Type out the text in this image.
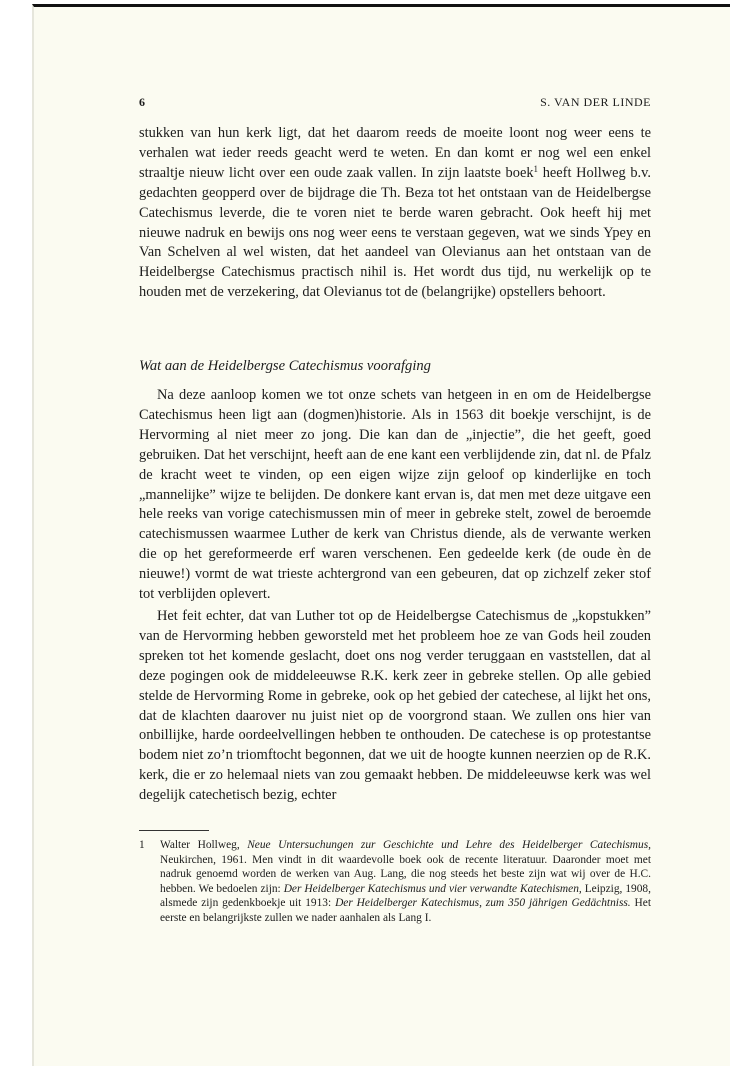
6	S. VAN DER LINDE

stukken van hun kerk ligt, dat het daarom reeds de moeite loont nog weer eens te verhalen wat ieder reeds geacht werd te weten. En dan komt er nog wel een enkel straaltje nieuw licht over een oude zaak vallen. In zijn laatste boek$^1$ heeft Hollweg b.v. gedachten geopperd over de bijdrage die Th. Beza tot het ontstaan van de Heidelbergse Catechismus leverde, die te voren niet te berde waren gebracht. Ook heeft hij met nieuwe nadruk en bewijs ons nog weer eens te verstaan gegeven, wat we sinds Ypey en Van Schelven al wel wisten, dat het aandeel van Olevianus aan het ontstaan van de Heidelbergse Catechismus practisch nihil is. Het wordt dus tijd, nu werkelijk op te houden met de verzekering, dat Olevianus tot de (belangrijke) opstellers behoort.

Wat aan de Heidelbergse Catechismus voorafging

Na deze aanloop komen we tot onze schets van hetgeen in en om de Heidelbergse Catechismus heen ligt aan (dogmen)historie. Als in 1563 dit boekje verschijnt, is de Hervorming al niet meer zo jong. Die kan dan de „injectie”, die het geeft, goed gebruiken. Dat het verschijnt, heeft aan de ene kant een verblijdende zin, dat nl. de Pfalz de kracht weet te vinden, op een eigen wijze zijn geloof op kinderlijke en toch „mannelijke” wijze te belijden. De donkere kant ervan is, dat men met deze uitgave een hele reeks van vorige catechismussen min of meer in gebreke stelt, zowel de beroemde catechismussen waarmee Luther de kerk van Christus diende, als de verwante werken die op het gereformeerde erf waren verschenen. Een gedeelde kerk (de oude èn de nieuwe!) vormt de wat trieste achtergrond van een gebeuren, dat op zichzelf zeker stof tot verblijden oplevert.

Het feit echter, dat van Luther tot op de Heidelbergse Catechismus de „kopstukken” van de Hervorming hebben geworsteld met het probleem hoe ze van Gods heil zouden spreken tot het komende geslacht, doet ons nog verder teruggaan en vaststellen, dat al deze pogingen ook de middeleeuwse R.K. kerk zeer in gebreke stellen. Op alle gebied stelde de Hervorming Rome in gebreke, ook op het gebied der catechese, al lijkt het ons, dat de klachten daarover nu juist niet op de voorgrond staan. We zullen ons hier van onbillijke, harde oordeelvellingen hebben te onthouden. De catechese is op protestantse bodem niet zo’n triomftocht begonnen, dat we uit de hoogte kunnen neerzien op de R.K. kerk, die er zo helemaal niets van zou gemaakt hebben. De middeleeuwse kerk was wel degelijk catechetisch bezig, echter

1 Walter Hollweg, Neue Untersuchungen zur Geschichte und Lehre des Heidelberger Catechismus, Neukirchen, 1961. Men vindt in dit waardevolle boek ook de recente literatuur. Daaronder moet met nadruk genoemd worden de werken van Aug. Lang, die nog steeds het beste zijn wat wij over de H.C. hebben. We bedoelen zijn: Der Heidelberger Katechismus und vier verwandte Katechismen, Leipzig, 1908, alsmede zijn gedenkboekje uit 1913: Der Heidelberger Katechismus, zum 350 jährigen Gedächtniss. Het eerste en belangrijkste zullen we nader aanhalen als Lang I.
